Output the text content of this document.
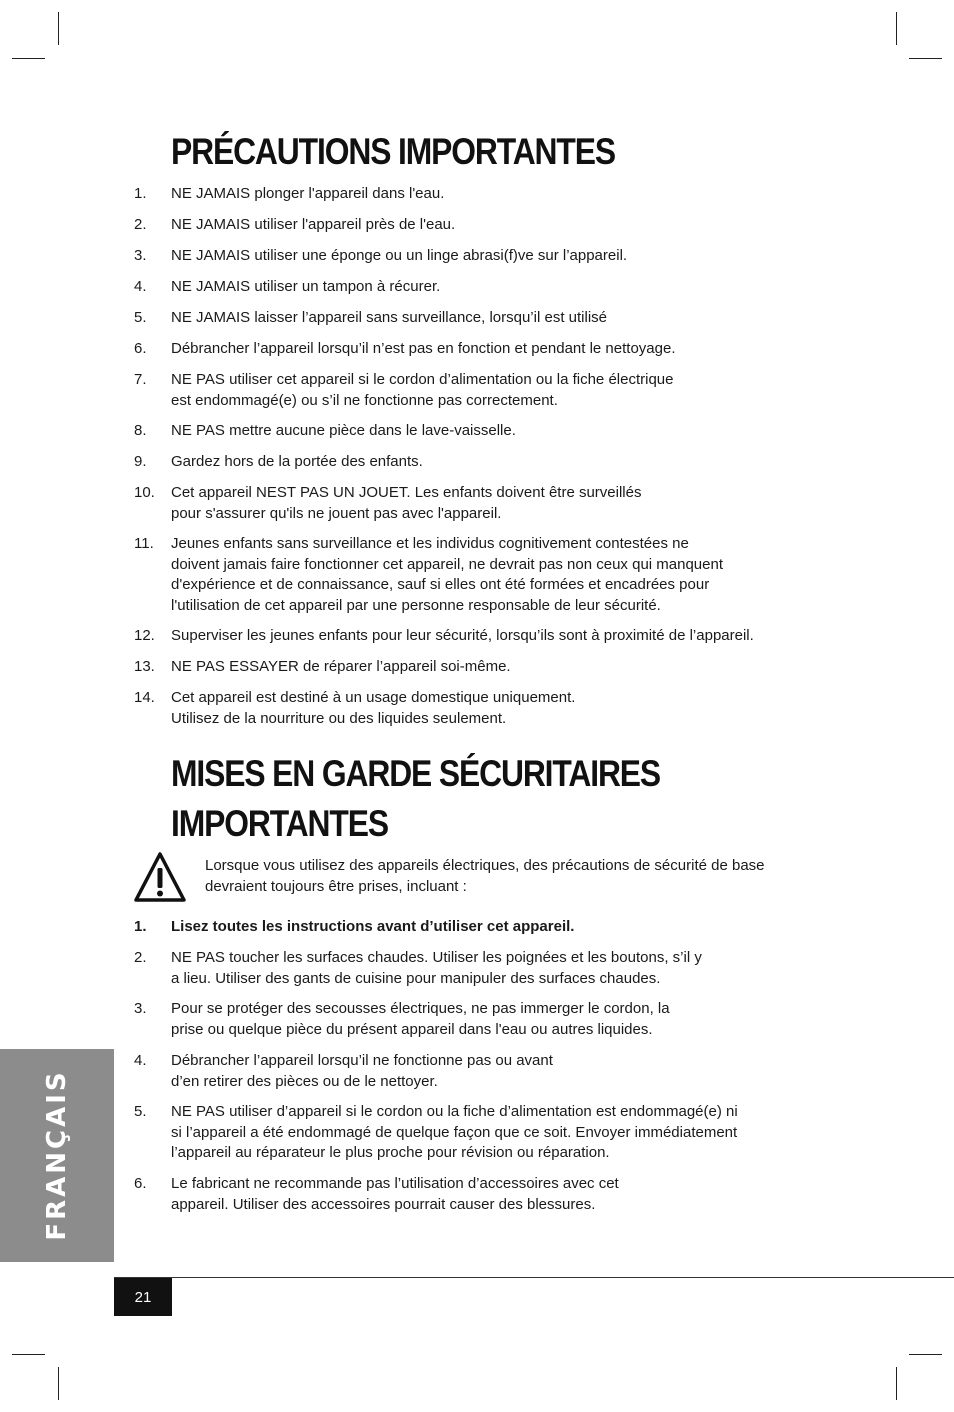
PRÉCAUTIONS IMPORTANTES
1. NE JAMAIS plonger l'appareil dans l'eau.
2. NE JAMAIS utiliser l'appareil près de l'eau.
3. NE JAMAIS utiliser une éponge ou un linge abrasi(f)ve sur l’appareil.
4. NE JAMAIS utiliser un tampon à récurer.
5. NE JAMAIS laisser l’appareil sans surveillance, lorsqu’il est utilisé
6. Débrancher l’appareil lorsqu’il n’est pas en fonction et pendant le nettoyage.
7. NE PAS utiliser cet appareil si le cordon d’alimentation ou la fiche électrique
est endommagé(e) ou s’il ne fonctionne pas correctement.
8. NE PAS mettre aucune pièce dans le lave-vaisselle.
9. Gardez hors de la portée des enfants.
10. Cet appareil NEST PAS UN JOUET. Les enfants doivent être surveillés
pour s'assurer qu'ils ne jouent pas avec l'appareil.
11. Jeunes enfants sans surveillance et les individus cognitivement contestées ne
doivent jamais faire fonctionner cet appareil, ne devrait pas non ceux qui manquent
d'expérience et de connaissance, sauf si elles ont été formées et encadrées pour
l'utilisation de cet appareil par une personne responsable de leur sécurité.
12. Superviser les jeunes enfants pour leur sécurité, lorsqu’ils sont à proximité de l’appareil.
13. NE PAS ESSAYER de réparer l’appareil soi-même.
14. Cet appareil est destiné à un usage domestique uniquement.
Utilisez de la nourriture ou des liquides seulement.
MISES EN GARDE SÉCURITAIRES
IMPORTANTES
Lorsque vous utilisez des appareils électriques, des précautions de sécurité de base
devraient toujours être prises, incluant :
1. Lisez toutes les instructions avant d’utiliser cet appareil.
2. NE PAS toucher les surfaces chaudes. Utiliser les poignées et les boutons, s’il y
a lieu. Utiliser des gants de cuisine pour manipuler des surfaces chaudes.
3. Pour se protéger des secousses électriques, ne pas immerger le cordon, la
prise ou quelque pièce du présent appareil dans l'eau ou autres liquides.
4. Débrancher l’appareil lorsqu’il ne fonctionne pas ou avant
d’en retirer des pièces ou de le nettoyer.
5. NE PAS utiliser d’appareil si le cordon ou la fiche d’alimentation est endommagé(e) ni
si l’appareil a été endommagé de quelque façon que ce soit. Envoyer immédiatement
l’appareil au réparateur le plus proche pour révision ou réparation.
6. Le fabricant ne recommande pas l’utilisation d’accessoires avec cet
appareil. Utiliser des accessoires pourrait causer des blessures.
FRANÇAIS
21
